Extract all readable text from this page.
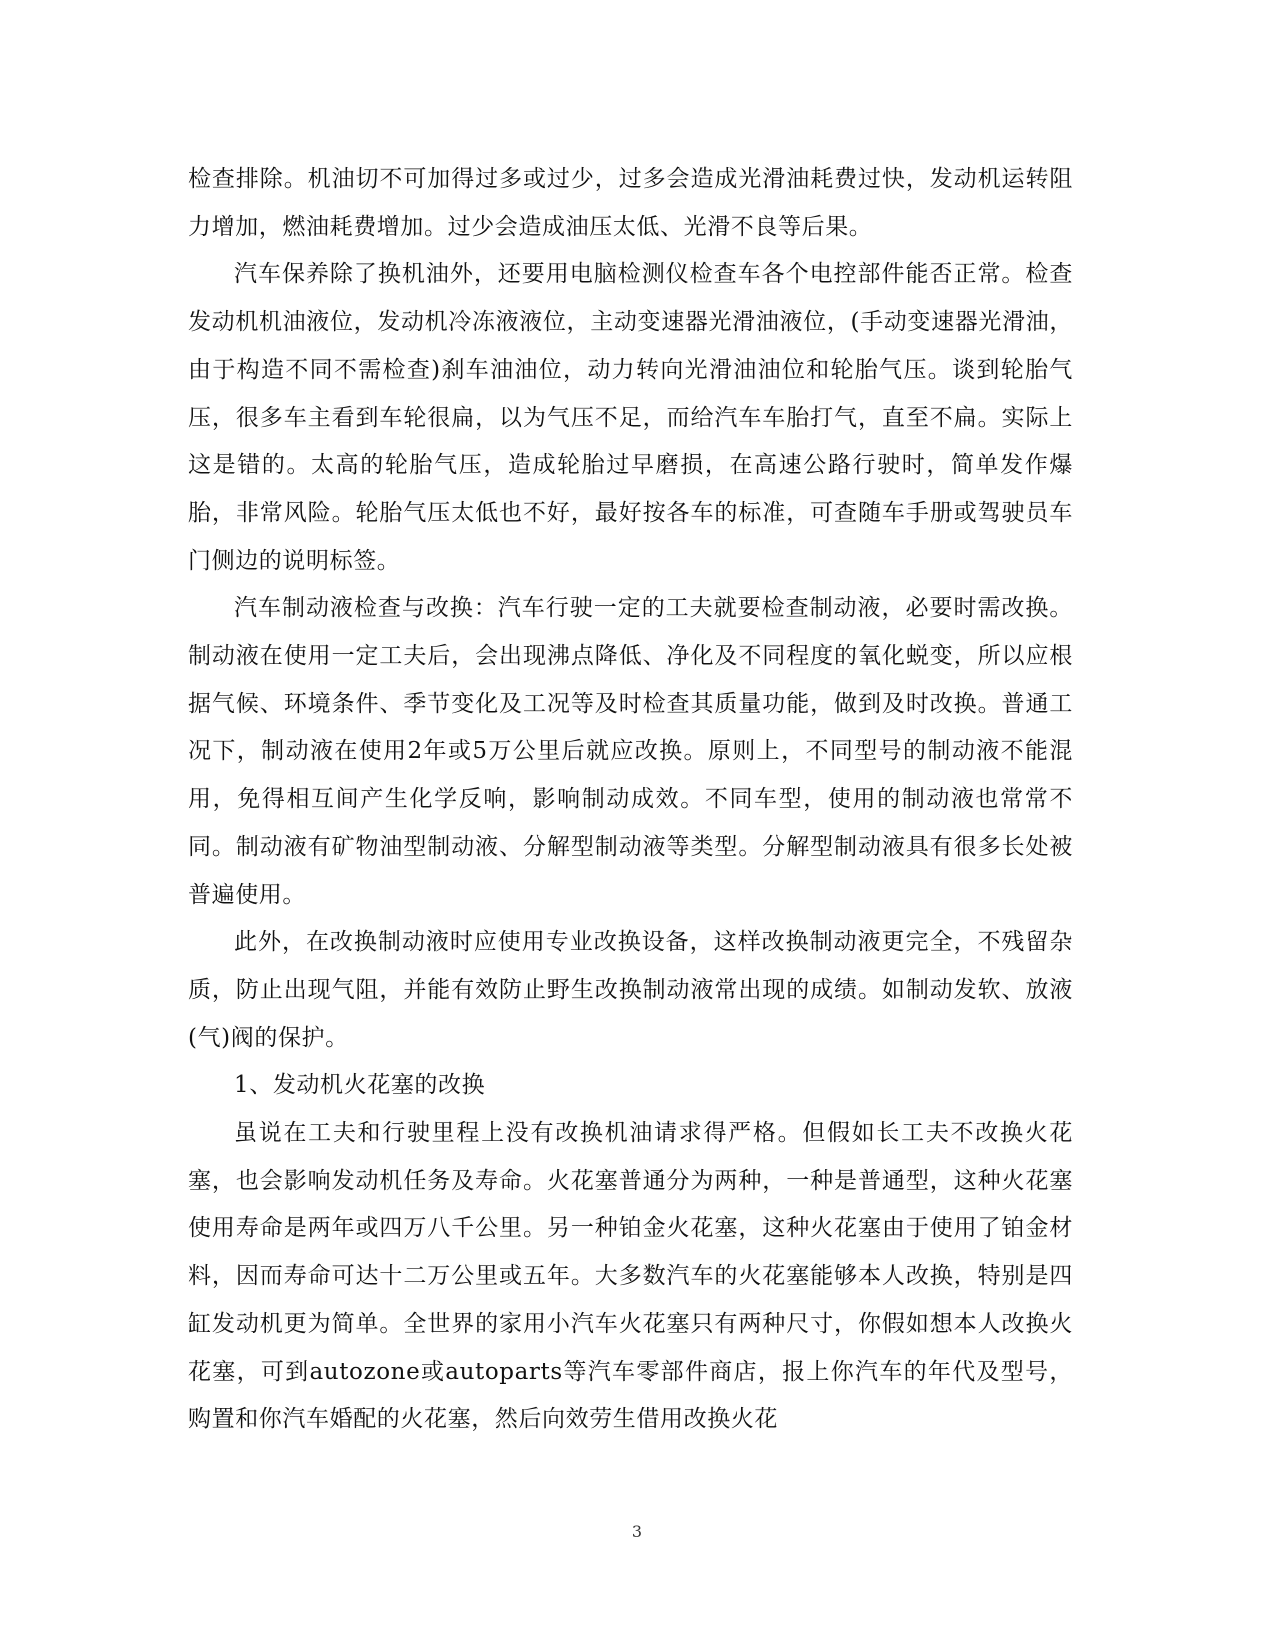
检查排除。机油切不可加得过多或过少，过多会造成光滑油耗费过快，发动机运转阻力增加，燃油耗费增加。过少会造成油压太低、光滑不良等后果。

汽车保养除了换机油外，还要用电脑检测仪检查车各个电控部件能否正常。检查发动机机油液位，发动机冷冻液液位，主动变速器光滑油液位，(手动变速器光滑油，由于构造不同不需检查)刹车油油位，动力转向光滑油油位和轮胎气压。谈到轮胎气压，很多车主看到车轮很扁，以为气压不足，而给汽车车胎打气，直至不扁。实际上这是错的。太高的轮胎气压，造成轮胎过早磨损，在高速公路行驶时，简单发作爆胎，非常风险。轮胎气压太低也不好，最好按各车的标准，可查随车手册或驾驶员车门侧边的说明标签。

汽车制动液检查与改换：汽车行驶一定的工夫就要检查制动液，必要时需改换。制动液在使用一定工夫后，会出现沸点降低、净化及不同程度的氧化蜕变，所以应根据气候、环境条件、季节变化及工况等及时检查其质量功能，做到及时改换。普通工况下，制动液在使用2年或5万公里后就应改换。原则上，不同型号的制动液不能混用，免得相互间产生化学反响，影响制动成效。不同车型，使用的制动液也常常不同。制动液有矿物油型制动液、分解型制动液等类型。分解型制动液具有很多长处被普遍使用。

此外，在改换制动液时应使用专业改换设备，这样改换制动液更完全，不残留杂质，防止出现气阻，并能有效防止野生改换制动液常出现的成绩。如制动发软、放液(气)阀的保护。

1、发动机火花塞的改换

虽说在工夫和行驶里程上没有改换机油请求得严格。但假如长工夫不改换火花塞，也会影响发动机任务及寿命。火花塞普通分为两种，一种是普通型，这种火花塞使用寿命是两年或四万八千公里。另一种铂金火花塞，这种火花塞由于使用了铂金材料，因而寿命可达十二万公里或五年。大多数汽车的火花塞能够本人改换，特别是四缸发动机更为简单。全世界的家用小汽车火花塞只有两种尺寸，你假如想本人改换火花塞，可到autozone或autoparts等汽车零部件商店，报上你汽车的年代及型号，购置和你汽车婚配的火花塞，然后向效劳生借用改换火花

3
